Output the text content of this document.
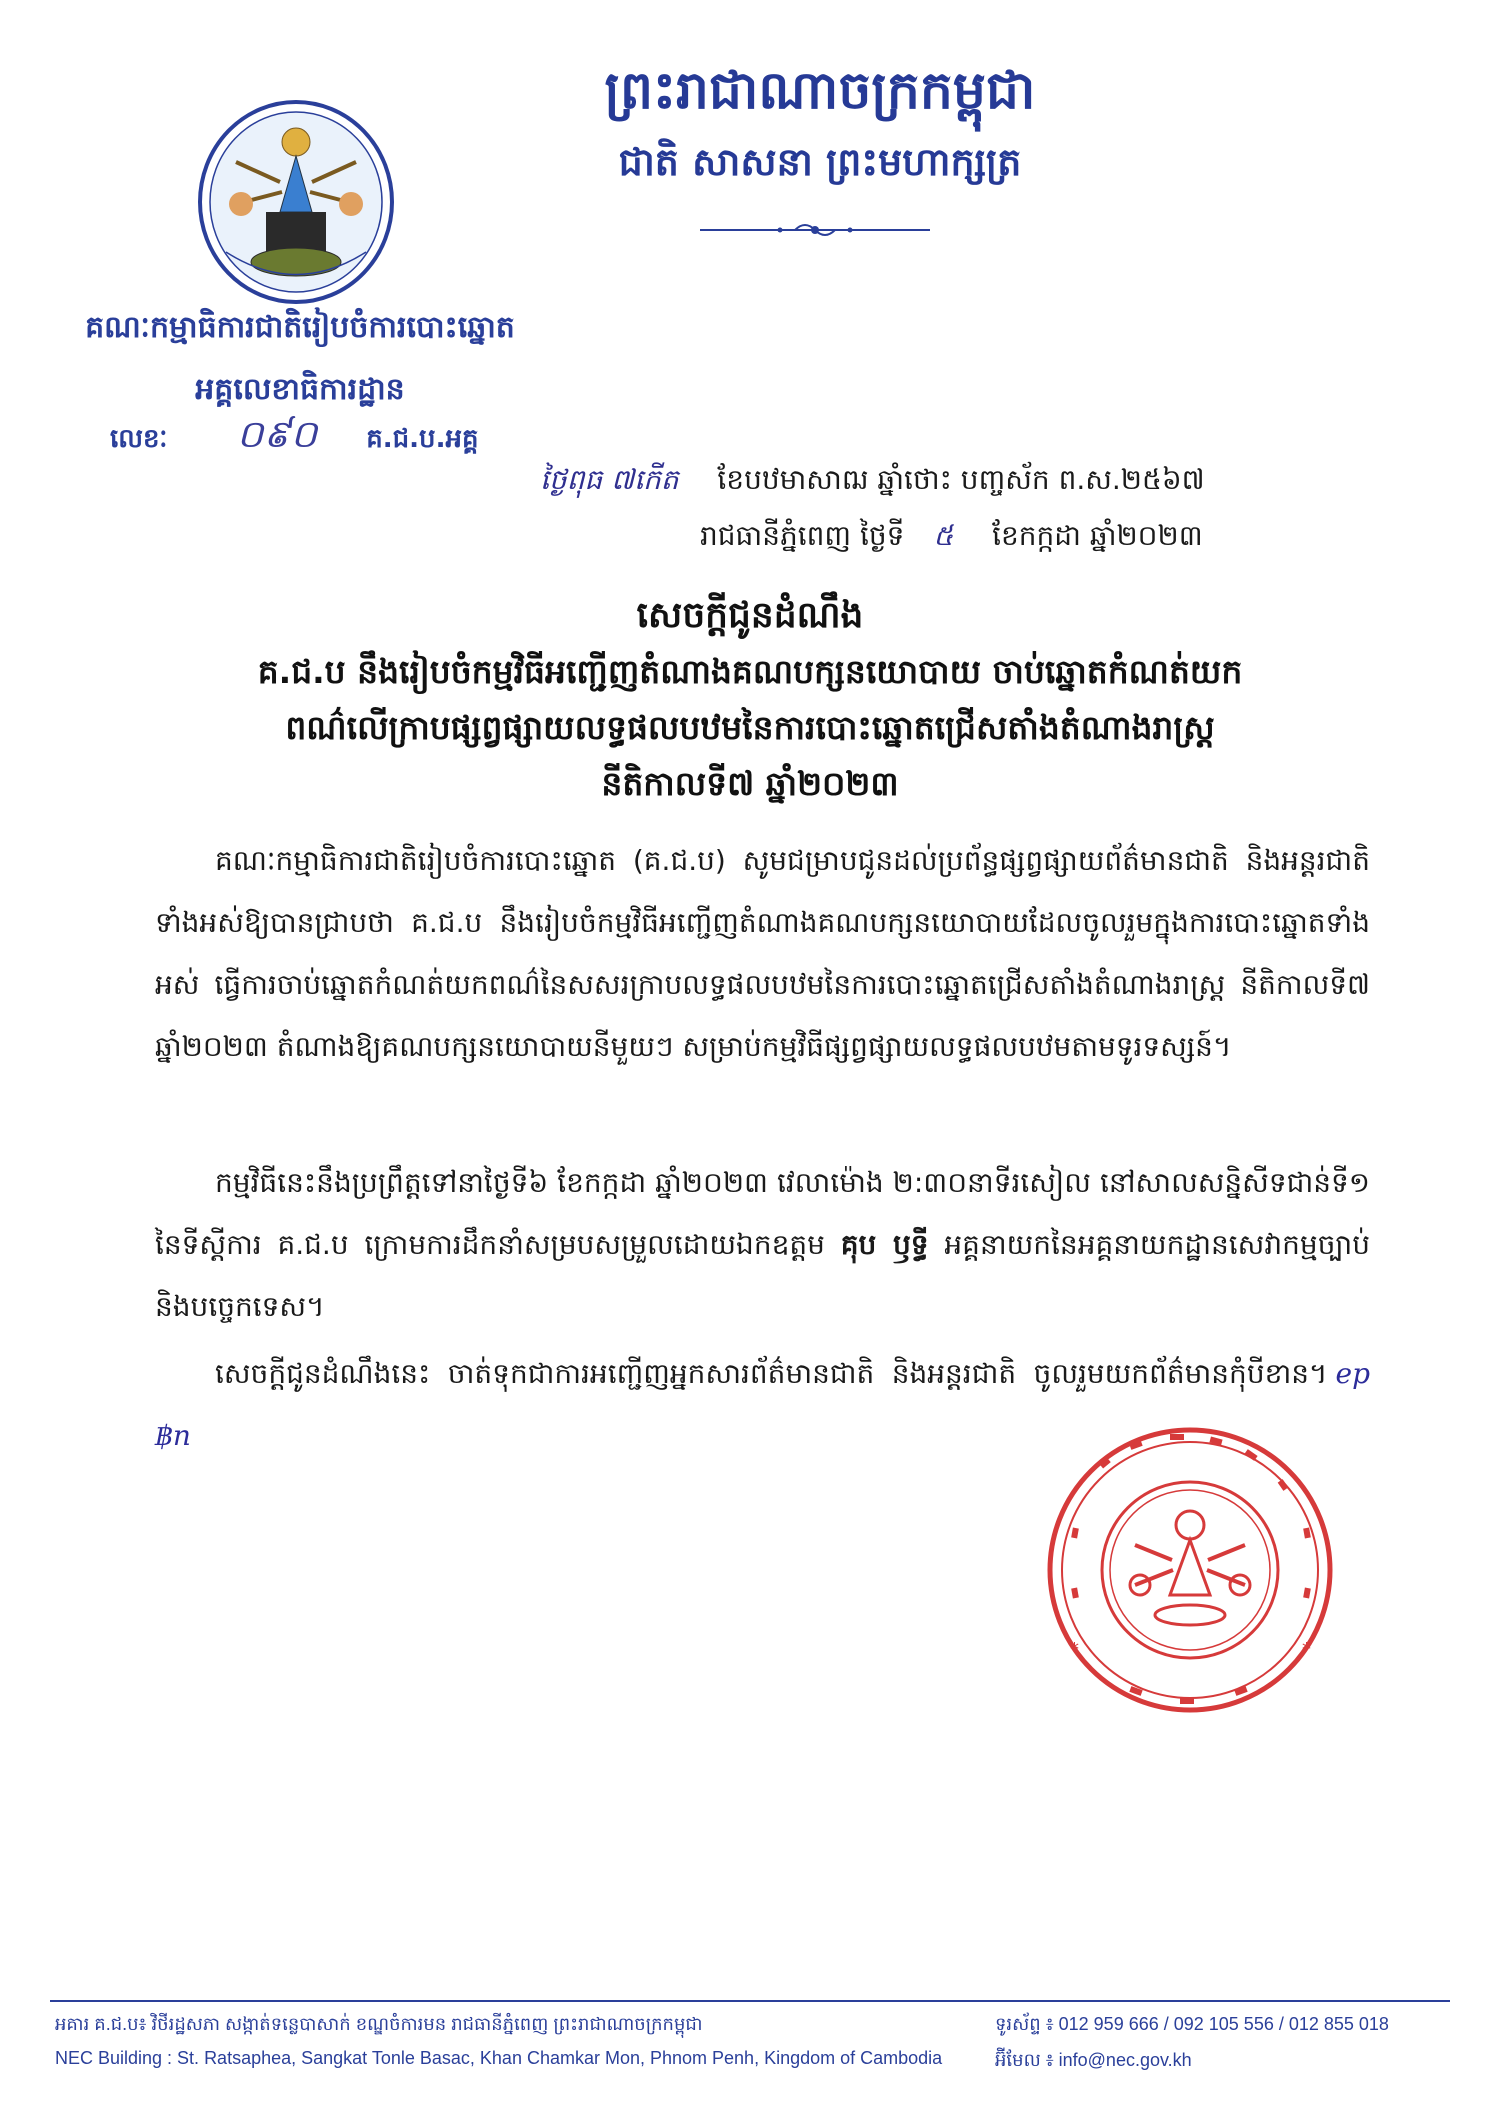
ព្រះរាជាណាចក្រកម្ពុជា
ជាតិ សាសនា ព្រះមហាក្សត្រ
គណៈកម្មាធិការជាតិរៀបចំការបោះឆ្នោត
អគ្គលេខាធិការដ្ឋាន
លេខៈ ០៩០ គ.ជ.ប.អគ្គ
ថ្ងៃពុធ ៧កើត ខែបឋមាសាឍ ឆ្នាំថោះ បញ្ចស័ក ព.ស.២៥៦៧
រាជធានីភ្នំពេញ ថ្ងៃទី ៥ ខែកក្កដា ឆ្នាំ២០២៣
សេចក្តីជូនដំណឹង
គ.ជ.ប នឹងរៀបចំកម្មវិធីអញ្ជើញតំណាងគណបក្សនយោបាយ ចាប់ឆ្នោតកំណត់យក
ពណ៌លើក្រាបផ្សព្វផ្សាយលទ្ធផលបឋមនៃការបោះឆ្នោតជ្រើសតាំងតំណាងរាស្ត្រ
នីតិកាលទី៧ ឆ្នាំ២០២៣

គណៈកម្មាធិការជាតិរៀបចំការបោះឆ្នោត (គ.ជ.ប) សូមជម្រាបជូនដល់ប្រព័ន្ធផ្សព្វផ្សាយព័ត៌មានជាតិ និងអន្តរជាតិទាំងអស់ឱ្យបានជ្រាបថា គ.ជ.ប នឹងរៀបចំកម្មវិធីអញ្ជើញតំណាងគណបក្សនយោបាយដែលចូលរួមក្នុងការបោះឆ្នោតទាំងអស់ ធ្វើការចាប់ឆ្នោតកំណត់យកពណ៌នៃសសរក្រាបលទ្ធផលបឋមនៃការបោះឆ្នោតជ្រើសតាំងតំណាងរាស្ត្រ នីតិកាលទី៧ ឆ្នាំ២០២៣ តំណាងឱ្យគណបក្សនយោបាយនីមួយៗ សម្រាប់កម្មវិធីផ្សព្វផ្សាយលទ្ធផលបឋមតាមទូរទស្សន៍។

កម្មវិធីនេះនឹងប្រព្រឹត្តទៅនាថ្ងៃទី៦ ខែកក្កដា ឆ្នាំ២០២៣ វេលាម៉ោង ២:៣០នាទីរសៀល នៅសាលសន្និសីទជាន់ទី១ នៃទីស្តីការ គ.ជ.ប ក្រោមការដឹកនាំសម្របសម្រួលដោយឯកឧត្តម គុប ឫទ្ធី អគ្គនាយកនៃអគ្គនាយកដ្ឋានសេវាកម្មច្បាប់ និងបច្ចេកទេស។

សេចក្តីជូនដំណឹងនេះ ចាត់ទុកជាការអញ្ជើញអ្នកសារព័ត៌មានជាតិ និងអន្តរជាតិ ចូលរួមយកព័ត៌មានកុំបីខាន។ ep ฿n

*	*
អគារ គ.ជ.ប៖ វិថីរដ្ឋសភា សង្កាត់ទន្លេបាសាក់ ខណ្ឌចំការមន រាជធានីភ្នំពេញ ព្រះរាជាណាចក្រកម្ពុជា
NEC Building : St. Ratsaphea, Sangkat Tonle Basac, Khan Chamkar Mon, Phnom Penh, Kingdom of Cambodia
ទូរស័ព្ទ ៖ 012 959 666 / 092 105 556 / 012 855 018
អ៊ីមែល ៖ info@nec.gov.kh
